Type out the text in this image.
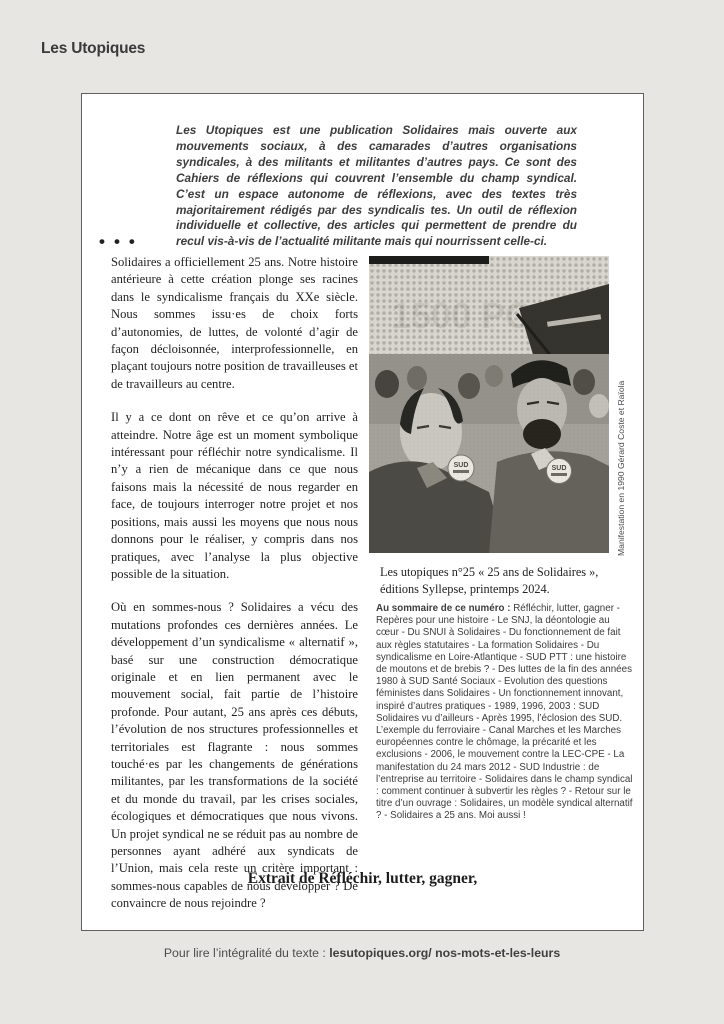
Les Utopiques
Les Utopiques est une publication Solidaires mais ouverte aux mouvements sociaux, à des camarades d’autres organisations syndicales, à des militants et militantes d’autres pays. Ce sont des Cahiers de réflexions qui couvrent l’ensemble du champ syndical. C’est un espace autonome de réflexions, avec des textes très majoritairement rédigés par des syndicalis tes. Un outil de réflexion individuelle et collective, des articles qui permettent de prendre du recul vis-à-vis de l’actualité militante mais qui nourrissent celle-ci.
•••

Solidaires a officiellement 25 ans. Notre histoire antérieure à cette création plonge ses racines dans le syndicalisme français du XXe siècle. Nous sommes issu·es de choix forts d’autonomies, de luttes, de volonté d’agir de façon décloisonnée, interprofessionnelle, en plaçant toujours notre position de travailleuses et de travailleurs au centre.

Il y a ce dont on rêve et ce qu’on arrive à atteindre. Notre âge est un moment symbolique intéressant pour réfléchir notre syndicalisme. Il n’y a rien de mécanique dans ce que nous faisons mais la nécessité de nous regarder en face, de toujours interroger notre projet et nos positions, mais aussi les moyens que nous nous donnons pour le réaliser, y compris dans nos pratiques, avec l’analyse la plus objective possible de la situation.

Où en sommes-nous ? Solidaires a vécu des mutations profondes ces dernières années. Le développement d’un syndicalisme « alternatif », basé sur une construction démocratique originale et en lien permanent avec le mouvement social, fait partie de l’histoire profonde. Pour autant, 25 ans après ces débuts, l’évolution de nos structures professionnelles et territoriales est flagrante : nous sommes touché·es par les changements de générations militantes, par les transformations de la société et du monde du travail, par les crises sociales, écologiques et démocratiques que nous vivons. Un projet syndical ne se réduit pas au nombre de personnes ayant adhéré aux syndicats de l’Union, mais cela reste un critère important : sommes-nous capables de nous développer ? De convaincre de nous rejoindre ?

SUD	SUD	Manifestation en 1990 Gérard Coste et Raïola
Les utopiques n°25 « 25 ans de Solidaires », éditions Syllepse, printemps 2024.
Au sommaire de ce numéro : Réfléchir, lutter, gagner - Repères pour une histoire - Le SNJ, la déontologie au cœur - Du SNUI à Solidaires - Du fonctionnement de fait aux règles statutaires - La formation Solidaires - Du syndicalisme en Loire-Atlantique - SUD PTT : une histoire de moutons et de brebis ? - Des luttes de la fin des années 1980 à SUD Santé Sociaux - Evolution des questions féministes dans Solidaires - Un fonctionnement innovant, inspiré d’autres pratiques - 1989, 1996, 2003 : SUD Solidaires vu d’ailleurs - Après 1995, l’éclosion des SUD. L’exemple du ferroviaire - Canal Marches et les Marches européennes contre le chômage, la précarité et les exclusions - 2006, le mouvement contre la LEC-CPE - La manifestation du 24 mars 2012 - SUD Industrie : de l’entreprise au territoire - Solidaires dans le champ syndical : comment continuer à subvertir les règles ? - Retour sur le titre d’un ouvrage : Solidaires, un modèle syndical alternatif ? - Solidaires a 25 ans. Moi aussi !
Extrait de Réfléchir, lutter, gagner,
Pour lire l’intégralité du texte : lesutopiques.org/ nos-mots-et-les-leurs
